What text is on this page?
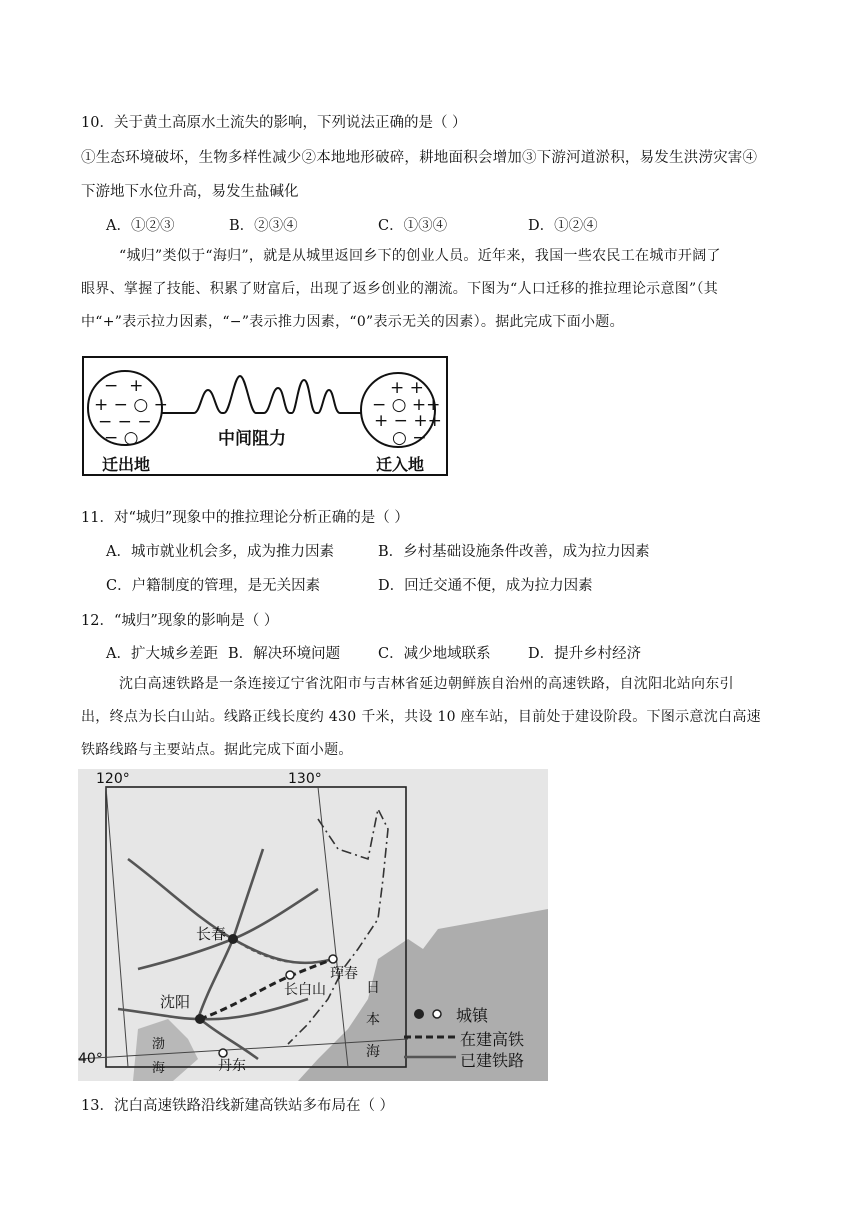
10．关于黄土高原水土流失的影响，下列说法正确的是（ ）
①生态环境破坏，生物多样性减少②本地地形破碎，耕地面积会增加③下游河道淤积，易发生洪涝灾害④
下游地下水位升高，易发生盐碱化
A．①②③	B．②③④	C．①③④	D．①②④
“城归”类似于“海归”，就是从城里返回乡下的创业人员。近年来，我国一些农民工在城市开阔了
眼界、掌握了技能、积累了财富后，出现了返乡创业的潮流。下图为“人口迁移的推拉理论示意图”（其
中“+”表示拉力因素，“−”表示推力因素，“0”表示无关的因素）。据此完成下面小题。
− +
+ − ○ −
− − −
− ○
+ +
− ○ ++
+ − ++
○ −
中间阻力
迁出地	迁入地
11．对“城归”现象中的推拉理论分析正确的是（ ）
A．城市就业机会多，成为推力因素	B．乡村基础设施条件改善，成为拉力因素
C．户籍制度的管理，是无关因素	D．回迁交通不便，成为拉力因素
12．“城归”现象的影响是（ ）
A．扩大城乡差距 B．解决环境问题	C．减少地域联系	D．提升乡村经济
沈白高速铁路是一条连接辽宁省沈阳市与吉林省延边朝鲜族自治州的高速铁路，自沈阳北站向东引
出，终点为长白山站。线路正线长度约 430 千米，共设 10 座车站，目前处于建设阶段。下图示意沈白高速
铁路线路与主要站点。据此完成下面小题。
120°	130°
40°
长春
沈阳
长白山
珲春
丹东
日
本
海
渤
海
城镇
在建高铁
已建铁路
13．沈白高速铁路沿线新建高铁站多布局在（ ）
